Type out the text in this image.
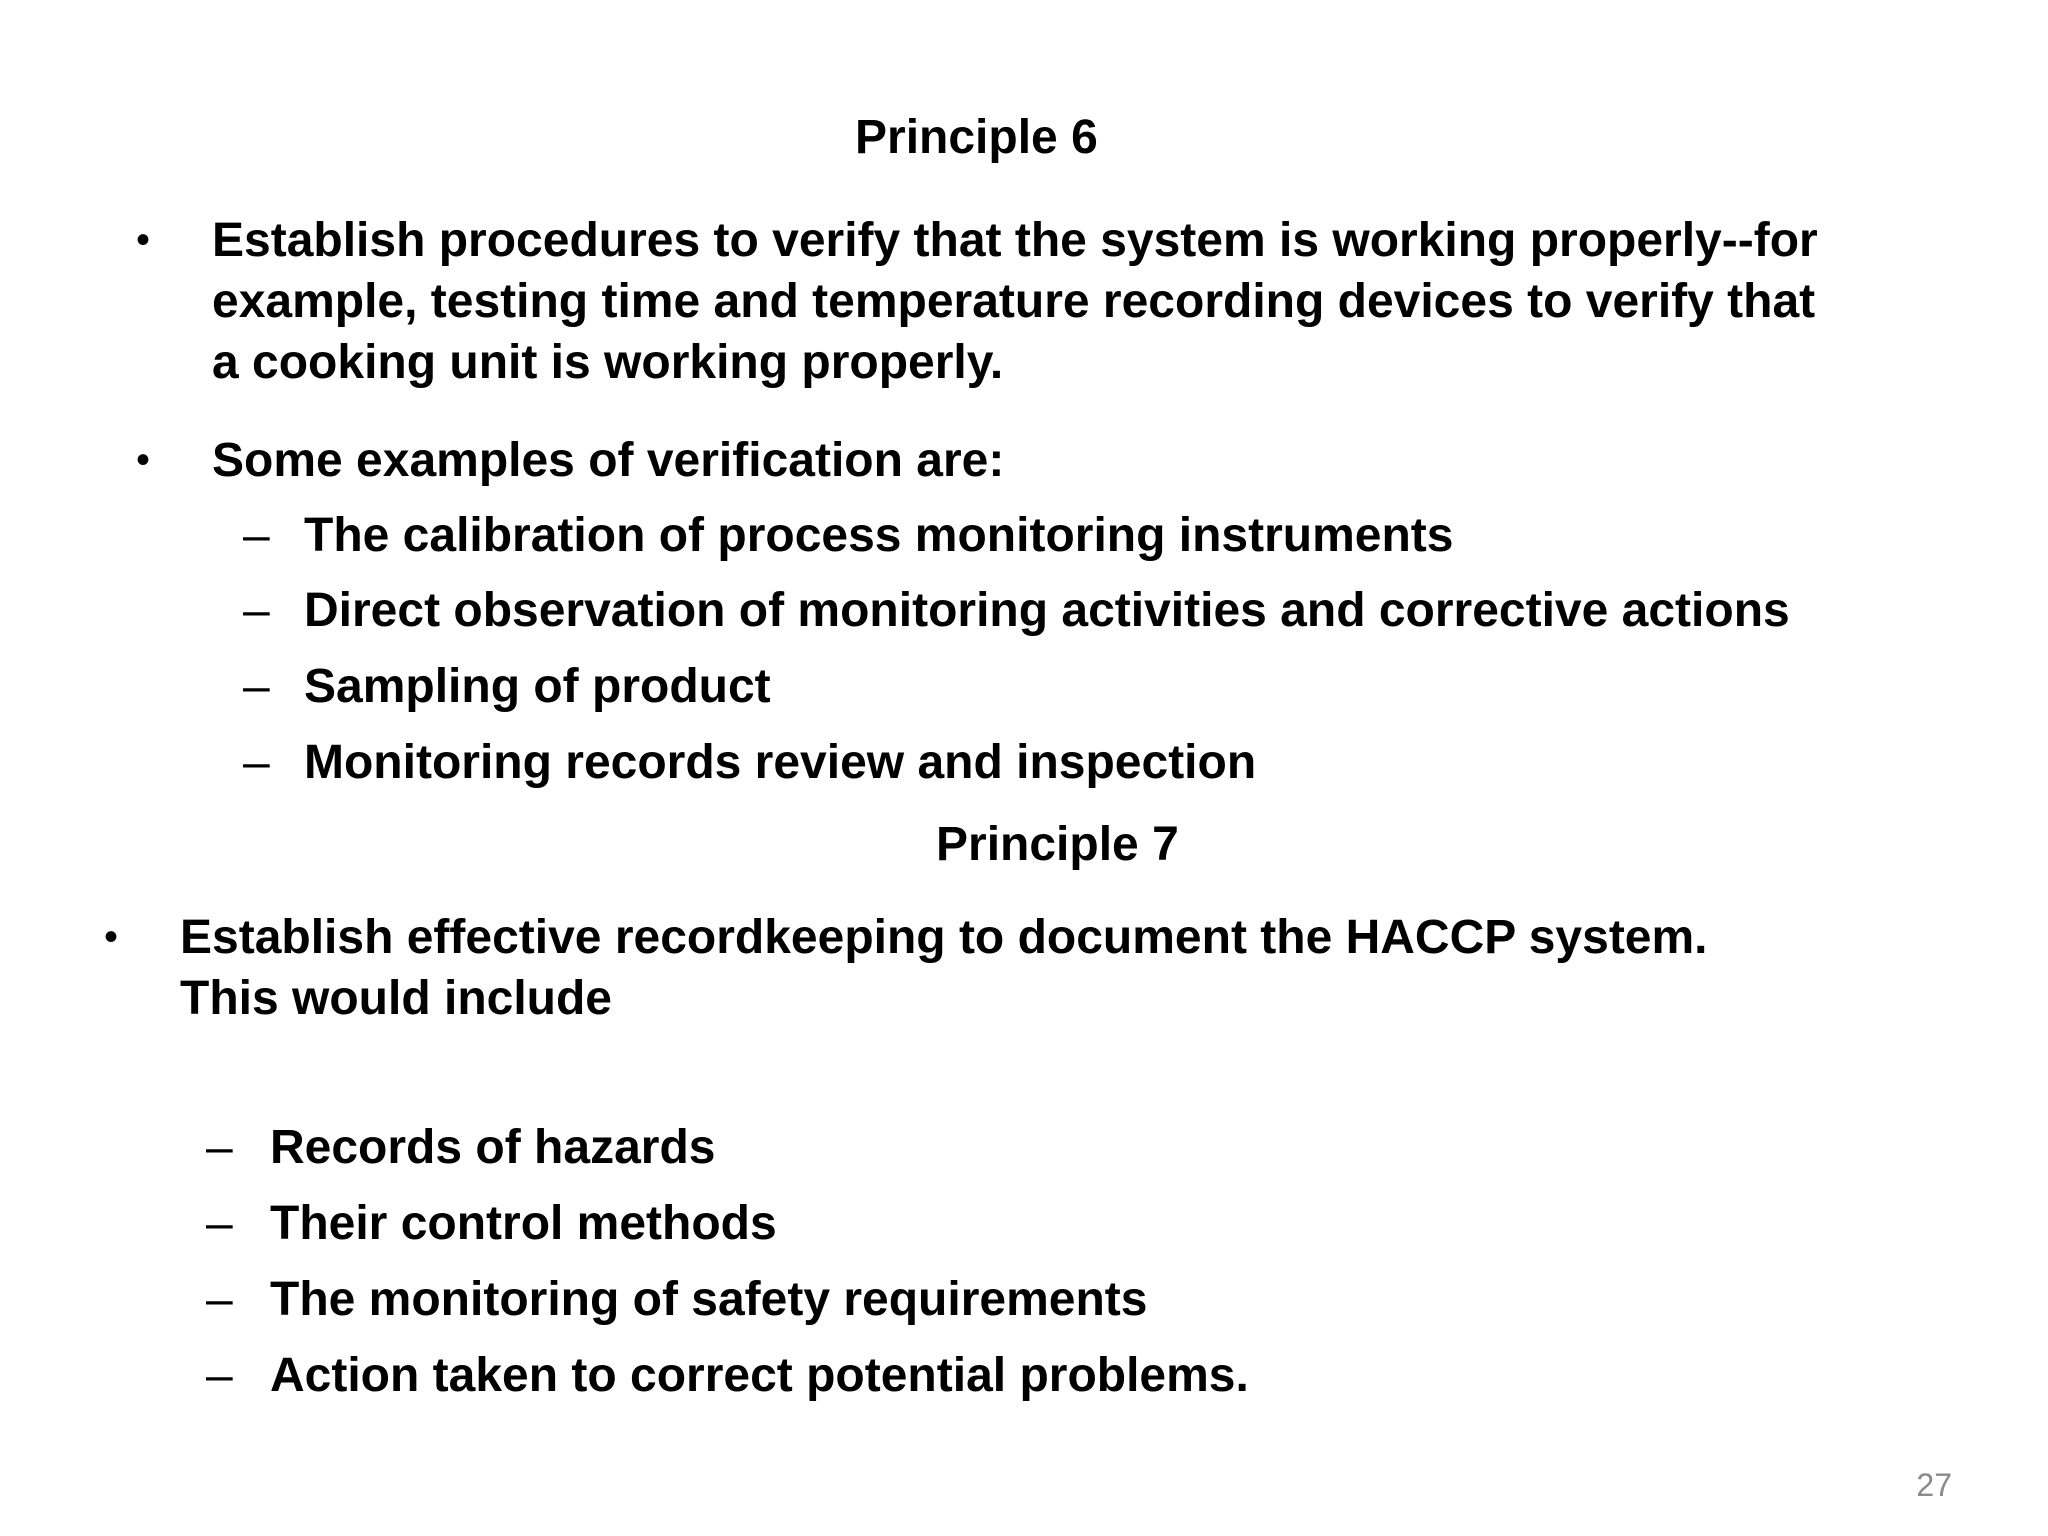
Principle 6
• Establish procedures to verify that the system is working properly--for
example, testing time and temperature recording devices to verify that
a cooking unit is working properly.
• Some examples of verification are:
– The calibration of process monitoring instruments
– Direct observation of monitoring activities and corrective actions
– Sampling of product
– Monitoring records review and inspection
Principle 7
• Establish effective recordkeeping to document the HACCP system.
This would include
– Records of hazards
– Their control methods
– The monitoring of safety requirements
– Action taken to correct potential problems.
27
